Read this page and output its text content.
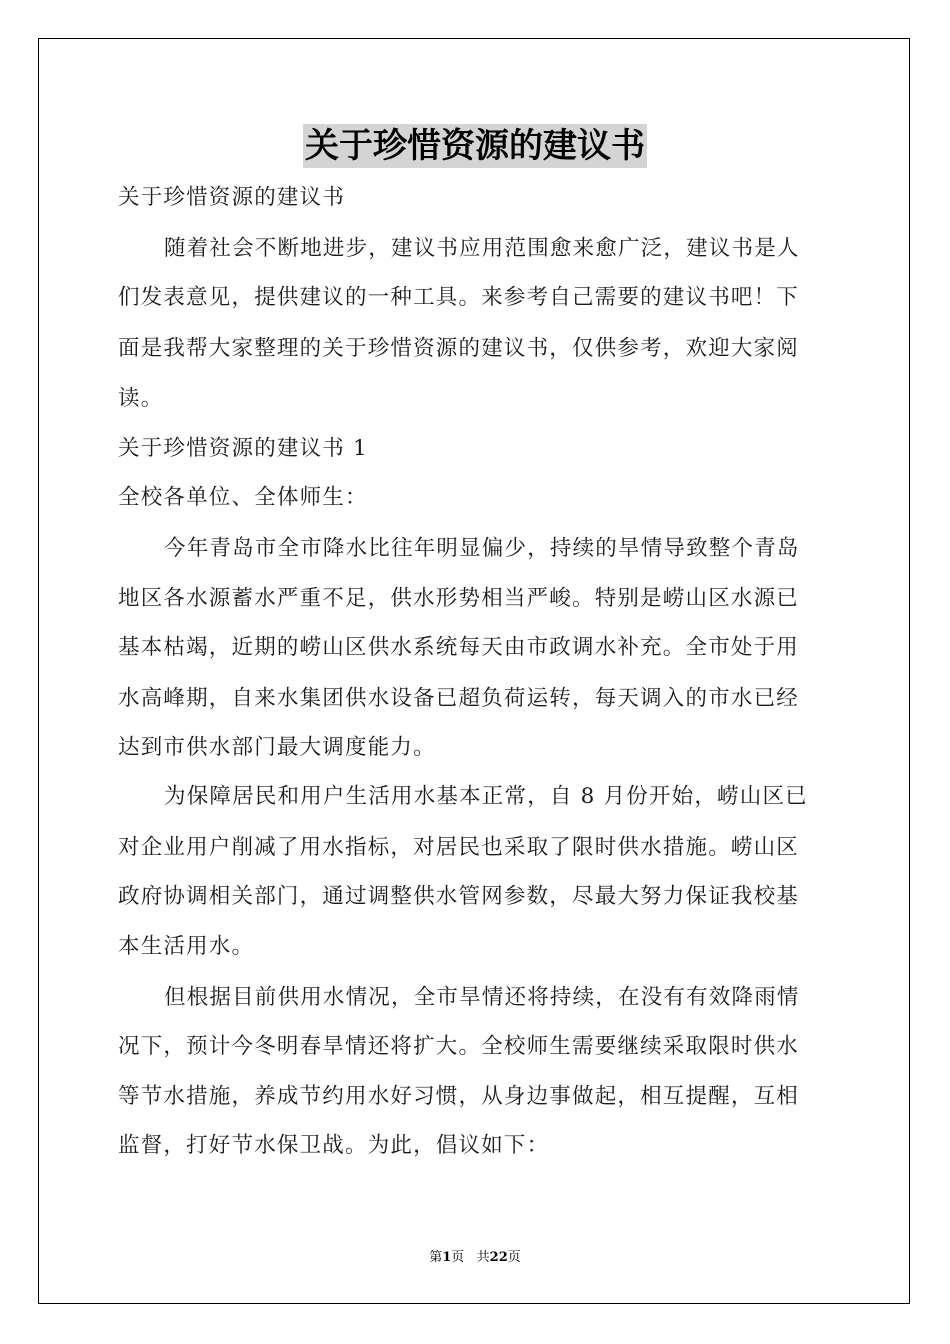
关于珍惜资源的建议书
关于珍惜资源的建议书
随着社会不断地进步，建议书应用范围愈来愈广泛，建议书是人
们发表意见，提供建议的一种工具。来参考自己需要的建议书吧！下
面是我帮大家整理的关于珍惜资源的建议书，仅供参考，欢迎大家阅
读。
关于珍惜资源的建议书 1
全校各单位、全体师生：
今年青岛市全市降水比往年明显偏少，持续的旱情导致整个青岛
地区各水源蓄水严重不足，供水形势相当严峻。特别是崂山区水源已
基本枯竭，近期的崂山区供水系统每天由市政调水补充。全市处于用
水高峰期，自来水集团供水设备已超负荷运转，每天调入的市水已经
达到市供水部门最大调度能力。
为保障居民和用户生活用水基本正常，自 8 月份开始，崂山区已
对企业用户削减了用水指标，对居民也采取了限时供水措施。崂山区
政府协调相关部门，通过调整供水管网参数，尽最大努力保证我校基
本生活用水。
但根据目前供用水情况，全市旱情还将持续，在没有有效降雨情
况下，预计今冬明春旱情还将扩大。全校师生需要继续采取限时供水
等节水措施，养成节约用水好习惯，从身边事做起，相互提醒，互相
监督，打好节水保卫战。为此，倡议如下：
第1页   共22页
